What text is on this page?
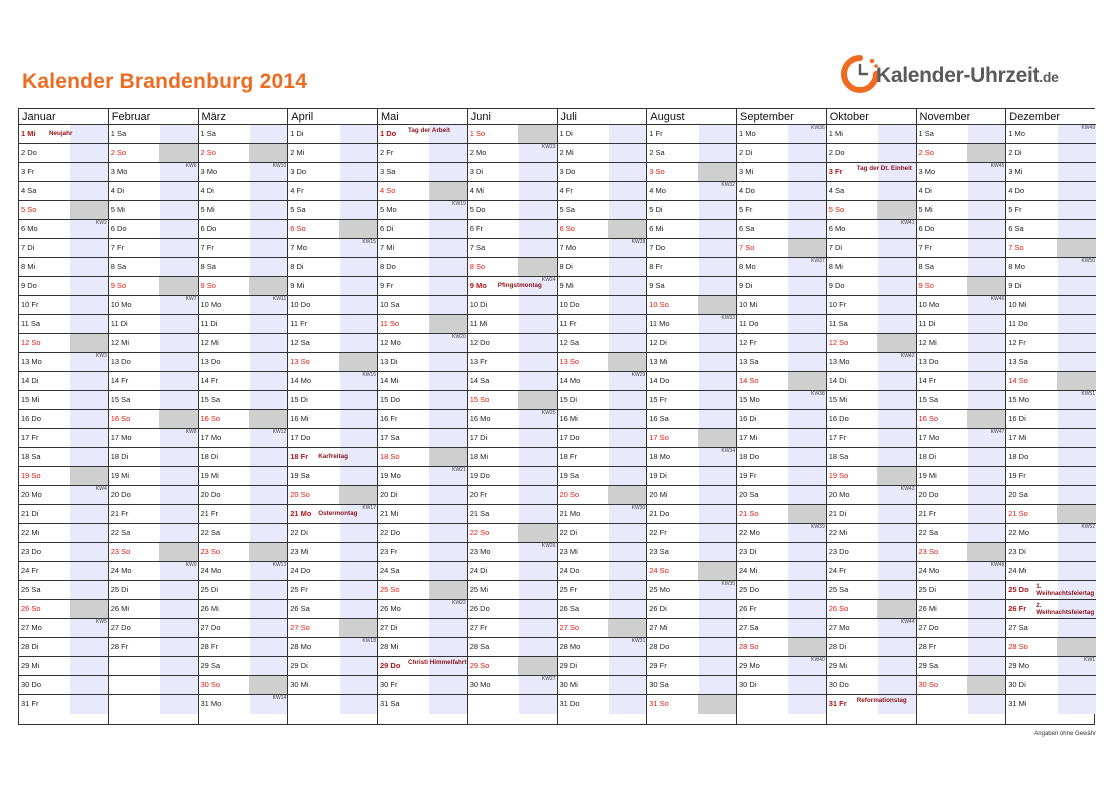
Kalender Brandenburg 2014	Kalender-Uhrzeit.de
Januar
1 Mi Neujahr
2 Do
3 Fr
4 Sa
5 So
6 Mo
KW2
7 Di
8 Mi
9 Do
10 Fr
11 Sa
12 So
13 Mo
KW3
14 Di
15 Mi
16 Do
17 Fr
18 Sa
19 So
20 Mo
KW4
21 Di
22 Mi
23 Do
24 Fr
25 Sa
26 So
27 Mo
KW5
28 Di
29 Mi
30 Do
31 Fr
Februar
1 Sa
2 So
3 Mo
KW6
4 Di
5 Mi
6 Do
7 Fr
8 Sa
9 So
10 Mo
KW7
11 Di
12 Mi
13 Do
14 Fr
15 Sa
16 So
17 Mo
KW8
18 Di
19 Mi
20 Do
21 Fr
22 Sa
23 So
24 Mo
KW9
25 Di
26 Mi
27 Do
28 Fr
März
1 Sa
2 So
3 Mo
KW10
4 Di
5 Mi
6 Do
7 Fr
8 Sa
9 So
10 Mo
KW11
11 Di
12 Mi
13 Do
14 Fr
15 Sa
16 So
17 Mo
KW12
18 Di
19 Mi
20 Do
21 Fr
22 Sa
23 So
24 Mo
KW13
25 Di
26 Mi
27 Do
28 Fr
29 Sa
30 So
31 Mo
KW14
April
1 Di
2 Mi
3 Do
4 Fr
5 Sa
6 So
7 Mo
KW15
8 Di
9 Mi
10 Do
11 Fr
12 Sa
13 So
14 Mo
KW16
15 Di
16 Mi
17 Do
18 Fr Karfreitag
19 Sa
20 So
21 Mo Ostermontag
KW17
22 Di
23 Mi
24 Do
25 Fr
26 Sa
27 So
28 Mo
KW18
29 Di
30 Mi
Mai
1 Do Tag der Arbeit
2 Fr
3 Sa
4 So
5 Mo
KW19
6 Di
7 Mi
8 Do
9 Fr
10 Sa
11 So
12 Mo
KW20
13 Di
14 Mi
15 Do
16 Fr
17 Sa
18 So
19 Mo
KW21
20 Di
21 Mi
22 Do
23 Fr
24 Sa
25 So
26 Mo
KW22
27 Di
28 Mi
29 Do Christi Himmelfahrt
30 Fr
31 Sa
Juni
1 So
2 Mo
KW23
3 Di
4 Mi
5 Do
6 Fr
7 Sa
8 So
9 Mo Pfingstmontag
KW24
10 Di
11 Mi
12 Do
13 Fr
14 Sa
15 So
16 Mo
KW25
17 Di
18 Mi
19 Do
20 Fr
21 Sa
22 So
23 Mo
KW26
24 Di
25 Mi
26 Do
27 Fr
28 Sa
29 So
30 Mo
KW27
Juli
1 Di
2 Mi
3 Do
4 Fr
5 Sa
6 So
7 Mo
KW28
8 Di
9 Mi
10 Do
11 Fr
12 Sa
13 So
14 Mo
KW29
15 Di
16 Mi
17 Do
18 Fr
19 Sa
20 So
21 Mo
KW30
22 Di
23 Mi
24 Do
25 Fr
26 Sa
27 So
28 Mo
KW31
29 Di
30 Mi
31 Do
August
1 Fr
2 Sa
3 So
4 Mo
KW32
5 Di
6 Mi
7 Do
8 Fr
9 Sa
10 So
11 Mo
KW33
12 Di
13 Mi
14 Do
15 Fr
16 Sa
17 So
18 Mo
KW34
19 Di
20 Mi
21 Do
22 Fr
23 Sa
24 So
25 Mo
KW35
26 Di
27 Mi
28 Do
29 Fr
30 Sa
31 So
September
1 Mo
KW36
2 Di
3 Mi
4 Do
5 Fr
6 Sa
7 So
8 Mo
KW37
9 Di
10 Mi
11 Do
12 Fr
13 Sa
14 So
15 Mo
KW38
16 Di
17 Mi
18 Do
19 Fr
20 Sa
21 So
22 Mo
KW39
23 Di
24 Mi
25 Do
26 Fr
27 Sa
28 So
29 Mo
KW40
30 Di
Oktober
1 Mi
2 Do
3 Fr Tag der Dt. Einheit
4 Sa
5 So
6 Mo
KW41
7 Di
8 Mi
9 Do
10 Fr
11 Sa
12 So
13 Mo
KW42
14 Di
15 Mi
16 Do
17 Fr
18 Sa
19 So
20 Mo
KW43
21 Di
22 Mi
23 Do
24 Fr
25 Sa
26 So
27 Mo
KW44
28 Di
29 Mi
30 Do
31 Fr Reformationstag
November
1 Sa
2 So
3 Mo
KW45
4 Di
5 Mi
6 Do
7 Fr
8 Sa
9 So
10 Mo
KW46
11 Di
12 Mi
13 Do
14 Fr
15 Sa
16 So
17 Mo
KW47
18 Di
19 Mi
20 Do
21 Fr
22 Sa
23 So
24 Mo
KW48
25 Di
26 Mi
27 Do
28 Fr
29 Sa
30 So
Dezember
1 Mo
KW49
2 Di
3 Mi
4 Do
5 Fr
6 Sa
7 So
8 Mo
KW50
9 Di
10 Mi
11 Do
12 Fr
13 Sa
14 So
15 Mo
KW51
16 Di
17 Mi
18 Do
19 Fr
20 Sa
21 So
22 Mo
KW52
23 Di
24 Mi
25 Do 1. Weihnachtsfeiertag
26 Fr 2. Weihnachtsfeiertag
27 Sa
28 So
29 Mo
KW1
30 Di
31 Mi
Angaben ohne Gewähr
